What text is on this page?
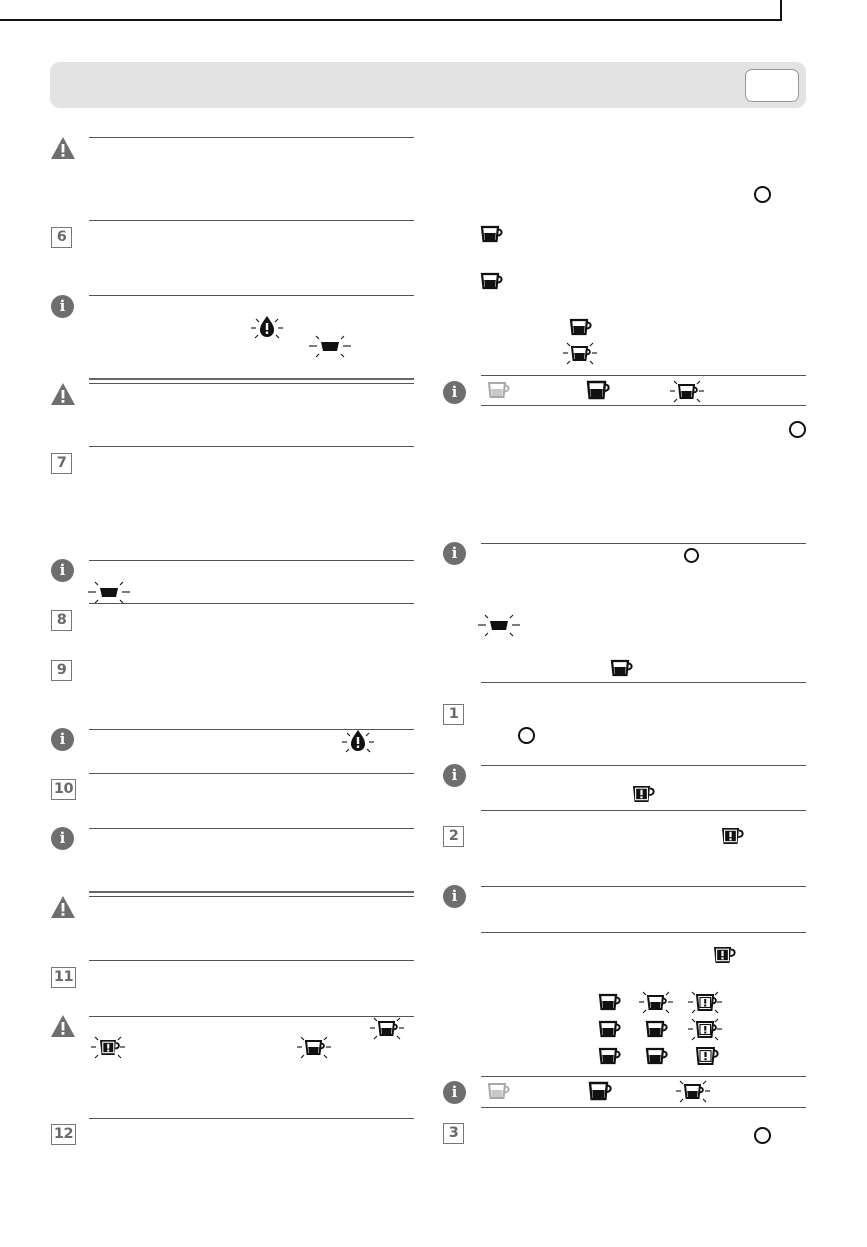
6
i
7
i
8
9
i
10
i
11
12
i
i
1
i
2
i
i
3
